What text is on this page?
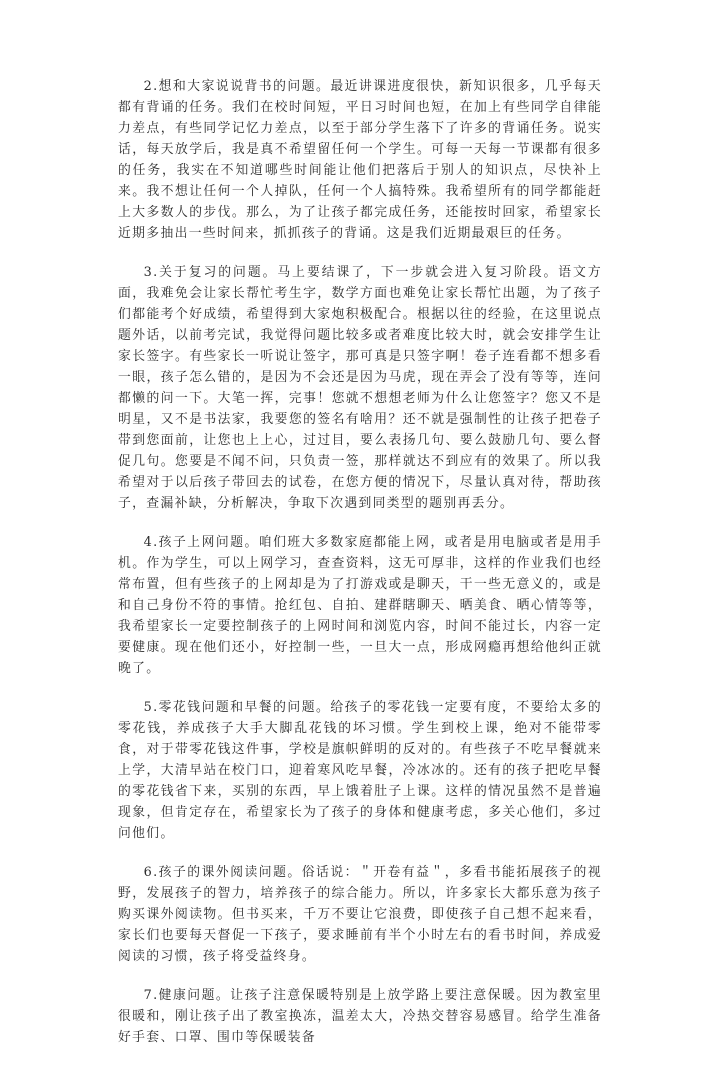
2.想和大家说说背书的问题。最近讲课进度很快，新知识很多，几乎每天都有背诵的任务。我们在校时间短，平日习时间也短，在加上有些同学自律能力差点，有些同学记忆力差点，以至于部分学生落下了许多的背诵任务。说实话，每天放学后，我是真不希望留任何一个学生。可每一天每一节课都有很多的任务，我实在不知道哪些时间能让他们把落后于别人的知识点，尽快补上来。我不想让任何一个人掉队，任何一个人搞特殊。我希望所有的同学都能赶上大多数人的步伐。那么，为了让孩子都完成任务，还能按时回家，希望家长近期多抽出一些时间来，抓抓孩子的背诵。这是我们近期最艰巨的任务。

3.关于复习的问题。马上要结课了，下一步就会进入复习阶段。语文方面，我难免会让家长帮忙考生字，数学方面也难免让家长帮忙出题，为了孩子们都能考个好成绩，希望得到大家炮积极配合。根据以往的经验，在这里说点题外话，以前考完试，我觉得问题比较多或者难度比较大时，就会安排学生让家长签字。有些家长一听说让签字，那可真是只签字啊！卷子连看都不想多看一眼，孩子怎么错的，是因为不会还是因为马虎，现在弄会了没有等等，连问都懒的问一下。大笔一挥，完事！您就不想想老师为什么让您签字？您又不是明星，又不是书法家，我要您的签名有啥用？还不就是强制性的让孩子把卷子带到您面前，让您也上上心，过过目，要么表扬几句、要么鼓励几句、要么督促几句。您要是不闻不问，只负责一签，那样就达不到应有的效果了。所以我希望对于以后孩子带回去的试卷，在您方便的情况下，尽量认真对待，帮助孩子，查漏补缺，分析解决，争取下次遇到同类型的题别再丢分。

4.孩子上网问题。咱们班大多数家庭都能上网，或者是用电脑或者是用手机。作为学生，可以上网学习，查查资料，这无可厚非，这样的作业我们也经常布置，但有些孩子的上网却是为了打游戏或是聊天，干一些无意义的，或是和自己身份不符的事情。抢红包、自拍、建群瞎聊天、晒美食、晒心情等等，我希望家长一定要控制孩子的上网时间和浏览内容，时间不能过长，内容一定要健康。现在他们还小，好控制一些，一旦大一点，形成网瘾再想给他纠正就晚了。

5.零花钱问题和早餐的问题。给孩子的零花钱一定要有度，不要给太多的零花钱，养成孩子大手大脚乱花钱的坏习惯。学生到校上课，绝对不能带零食，对于带零花钱这件事，学校是旗帜鲜明的反对的。有些孩子不吃早餐就来上学，大清早站在校门口，迎着寒风吃早餐，冷冰冰的。还有的孩子把吃早餐的零花钱省下来，买别的东西，早上饿着肚子上课。这样的情况虽然不是普遍现象，但肯定存在，希望家长为了孩子的身体和健康考虑，多关心他们，多过问他们。

6.孩子的课外阅读问题。俗话说：＂开卷有益＂，多看书能拓展孩子的视野，发展孩子的智力，培养孩子的综合能力。所以，许多家长大都乐意为孩子购买课外阅读物。但书买来，千万不要让它浪费，即使孩子自己想不起来看，家长们也要每天督促一下孩子，要求睡前有半个小时左右的看书时间，养成爱阅读的习惯，孩子将受益终身。

7.健康问题。让孩子注意保暖特别是上放学路上要注意保暖。因为教室里很暖和，刚让孩子出了教室换冻，温差太大，冷热交替容易感冒。给学生准备好手套、口罩、围巾等保暖装备
